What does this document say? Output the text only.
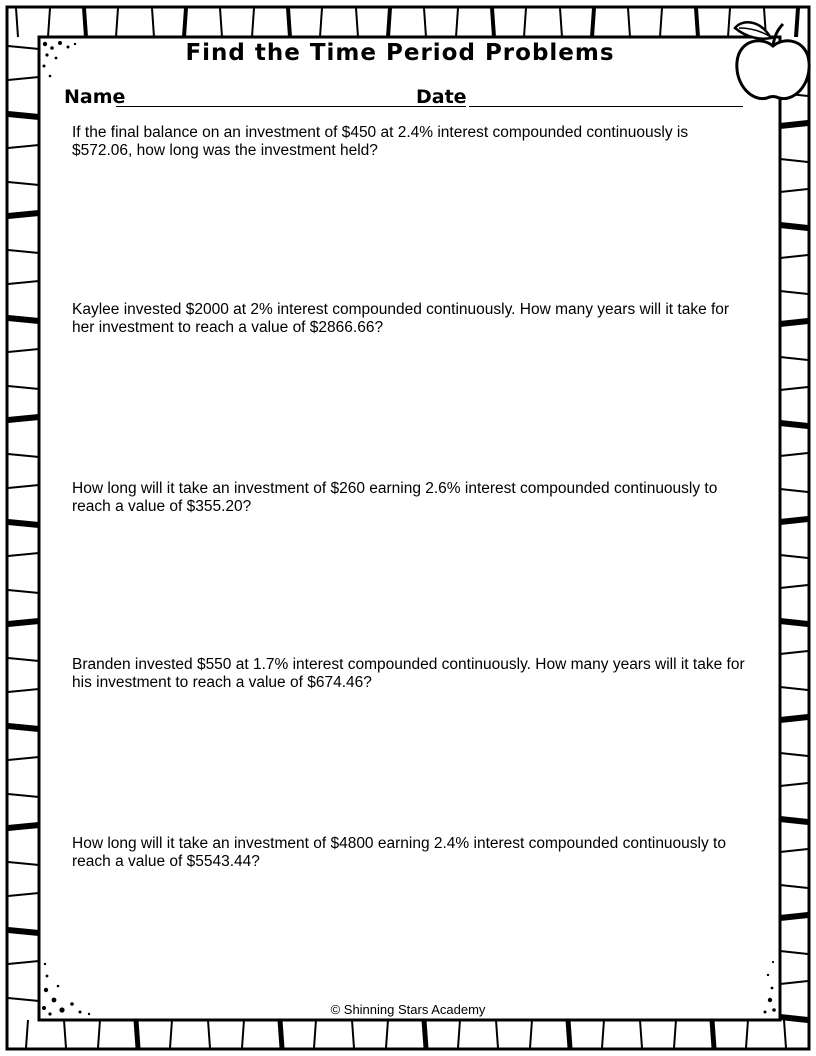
Find the Time Period Problems
Name	Date
If the final balance on an investment of $450 at 2.4% interest compounded continuously is $572.06, how long was the investment held?
Kaylee invested $2000 at 2% interest compounded continuously. How many years will it take for her investment to reach a value of $2866.66?
How long will it take an investment of $260 earning 2.6% interest compounded continuously to reach a value of $355.20?
Branden invested $550 at 1.7% interest compounded continuously. How many years will it take for his investment to reach a value of $674.46?
How long will it take an investment of $4800 earning 2.4% interest compounded continuously to reach a value of $5543.44?
© Shinning Stars Academy
